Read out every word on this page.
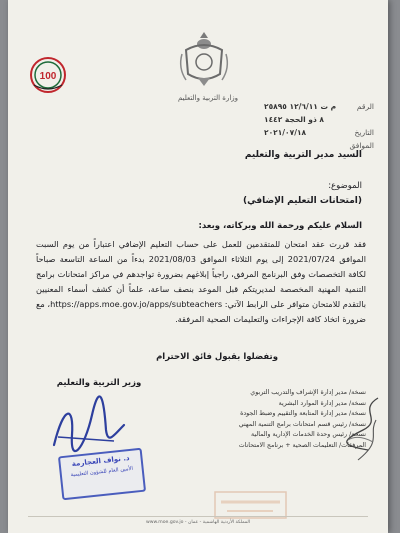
100
وزارة التربية والتعليم
الرقم
م ت ١٢/٦/١١ ٢٥٨٩٥
٨ ذو الحجة ١٤٤٢
التاريخ
٢٠٢١/٠٧/١٨
الموافق
السيد مدير التربية والتعليم
الموضوع:
(امتحانات التعليم الإضافي)
السلام عليكم ورحمة الله وبركاته، وبعد:
فقد قررت عقد امتحان للمتقدمين للعمل على حساب التعليم الإضافي اعتباراً من يوم السبت الموافق 2021/07/24 إلى يوم الثلاثاء الموافق 2021/08/03 بدءاً من الساعة التاسعة صباحاً لكافة التخصصات وفق البرنامج المرفق، راجياً إبلاغهم بضرورة تواجدهم في مراكز امتحانات برامج التنمية المهنية المخصصة لمديريتكم قبل الموعد بنصف ساعة، علماً أن كشف أسماء المعنيين بالتقدم للامتحان متوافر على الرابط الآتي: https://apps.moe.gov.jo/apps/subteachers، مع ضرورة اتخاذ كافة الإجراءات والتعليمات الصحية المرفقة.
وتفضلوا بقبول فائق الاحترام
وزير التربية والتعليم
د. نواف العجارمة
الأمين العام للشؤون التعليمية
نسخة/ مدير إدارة الإشراف والتدريب التربوي
نسخة/ مدير إدارة الموارد البشرية
نسخة/ مدير إدارة المتابعة والتقييم وضبط الجودة
نسخة/ رئيس قسم امتحانات برامج التنمية المهني
نسخة/ رئيس وحدة الخدمات الإدارية والمالية
المرفقات/ التعليمات الصحية + برنامج الامتحانات
المملكة الأردنية الهاشمية - عمان - www.moe.gov.jo
